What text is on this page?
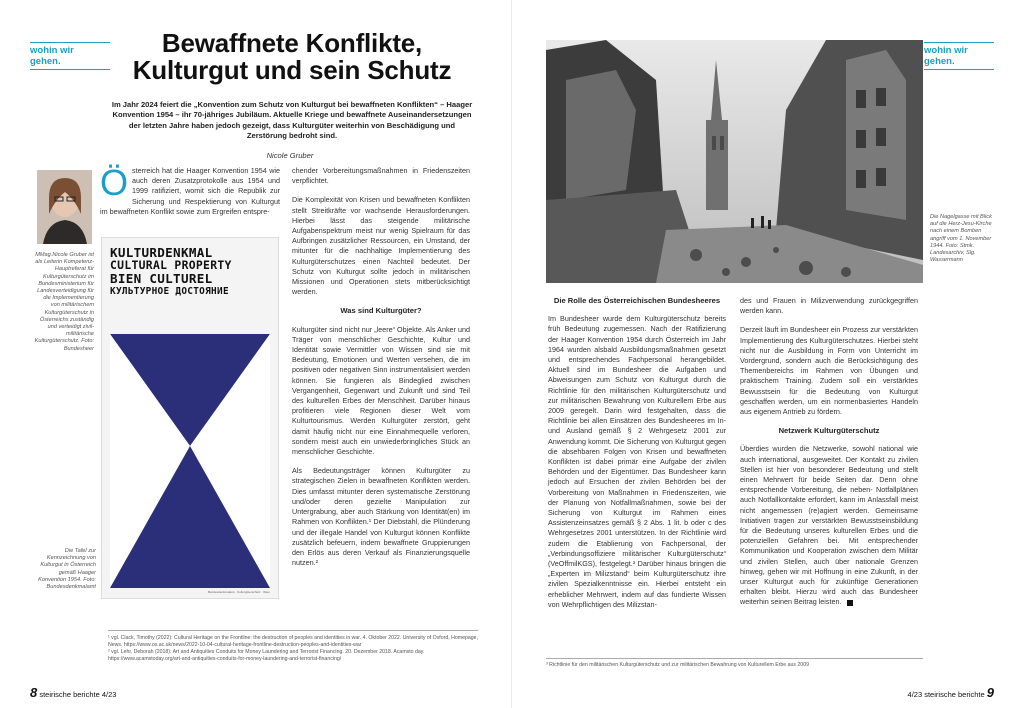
wohin wir
gehen.
Bewaffnete Konflikte,
Kulturgut und sein Schutz
Im Jahr 2024 feiert die „Konvention zum Schutz von Kulturgut bei bewaffneten Konflikten“ – Haager Konvention 1954 – ihr 70-jähriges Jubiläum. Aktuelle Kriege und bewaffnete Auseinandersetzungen der letzten Jahre haben jedoch gezeigt, dass Kulturgüter weiterhin von Beschädigung und Zerstörung bedroht sind.
Nicole Gruber
MMag.Nicole Gruber ist als Leiterin Kompetenz-Hauptreferat für Kulturgüterschutz im Bundesministerium für Landesverteidigung für die Implementierung von militärischem Kulturgüterschutz in Österreichs zuständig und verteidigt zivil-militärische Kulturgüterschutz. Foto: Bundesheer

Österreich hat die Haager Konvention 1954 wie auch deren Zusatzprotokolle aus 1954 und 1999 ratifiziert, womit sich die Republik zur Sicherung und Respektierung von Kulturgut im bewaffneten Konflikt sowie zum Ergreifen entspre-

KULTURDENKMAL
CULTURAL PROPERTY
BIEN CULTUREL
КУЛЬТУРНОЕ ДОСТОЯНИЕ
Bundesdenkmalamt · Kulturgüterschutz · Wien
Die Tafel zur Kennzeichnung von Kulturgut in Österreich gemäß Haager Konvention 1954. Foto: Bundesdenkmalamt

chender Vorbereitungsmaßnahmen in Friedenszeiten verpflichtet.

Die Komplexität von Krisen und bewaffneten Konflikten stellt Streitkräfte vor wachsende Herausforderungen. Hierbei lässt das steigende militärische Aufgabenspektrum meist nur wenig Spielraum für das Aufbringen zusätzlicher Ressourcen, ein Umstand, der mitunter für die nachhaltige Implementierung des Kulturgüterschutzes einen Nachteil bedeutet. Der Schutz von Kulturgut sollte jedoch in militärischen Missionen und Operationen stets mitberücksichtigt werden.

Was sind Kulturgüter?

Kulturgüter sind nicht nur „leere“ Objekte. Als Anker und Träger von menschlicher Geschichte, Kultur und Identität sowie Vermittler von Wissen sind sie mit Bedeutung, Emotionen und Werten versehen, die im positiven oder negativen Sinn instrumentalisiert werden können. Sie fungieren als Bindeglied zwischen Vergangenheit, Gegenwart und Zukunft und sind Teil des kulturellen Erbes der Menschheit. Darüber hinaus profitieren viele Regionen dieser Welt vom Kulturtourismus. Werden Kulturgüter zerstört, geht damit häufig nicht nur eine Einnahmequelle verloren, sondern meist auch ein unwiederbringliches Stück an menschlicher Geschichte.

Als Bedeutungsträger können Kulturgüter zu strategischen Zielen in bewaffneten Konflikten werden. Dies umfasst mitunter deren systematische Zerstörung und/oder deren gezielte Manipulation zur Untergrabung, aber auch Stärkung von Identität(en) im Rahmen von Konflikten.¹ Der Diebstahl, die Plünderung und der illegale Handel von Kulturgut können Konflikte zusätzlich befeuern, indem bewaffnete Gruppierungen den Erlös aus deren Verkauf als Finanzierungsquelle nutzen.²

¹ vgl. Clack, Timothy (2022): Cultural Heritage on the Frontline: the destruction of peoples and identities in war. 4. Oktober 2022. University of Oxford, Homepage, News. https://www.ox.ac.uk/news/2022-10-04-cultural-heritage-frontline-destruction-peoples-and-identities-war
² vgl. Lehr, Deborah (2018): Art and Antiquities Conduits for Money Laundering and Terrorist Financing. 20. Dezember 2018. Acamsto day. https://www.acamstoday.org/art-and-antiquities-conduits-for-money-laundering-and-terrorist-financing/
8 steirische berichte 4/23
wohin wir
gehen.
Die Nagelgasse mit Blick auf die Herz-Jesu-Kirche nach einem Bomben angriff vom 1. November 1944. Foto: Stmk. Landesarchiv, Slg. Wassermann
Die Rolle des Österreichischen Bundesheeres

Im Bundesheer wurde dem Kulturgüterschutz bereits früh Bedeutung zugemessen. Nach der Ratifizierung der Haager Konvention 1954 durch Österreich im Jahr 1964 wurden alsbald Ausbildungsmaßnahmen gesetzt und entsprechendes Fachpersonal herangebildet. Aktuell sind im Bundesheer die Aufgaben und Abweisungen zum Schutz von Kulturgut durch die Richtlinie für den militärischen Kulturgüterschutz und zur militärischen Bewahrung von Kulturellem Erbe aus 2009 geregelt. Darin wird festgehalten, dass die Richtlinie bei allen Einsätzen des Bundesheeres im In- und Ausland gemäß § 2 Wehrgesetz 2001 zur Anwendung kommt. Die Sicherung von Kulturgut gegen die absehbaren Folgen von Krisen und bewaffneten Konflikten ist dabei primär eine Aufgabe der zivilen Behörden und der Eigentümer. Das Bundesheer kann jedoch auf Ersuchen der zivilen Behörden bei der Vorbereitung von Maßnahmen in Friedenszeiten, wie der Planung von Notfallmaßnahmen, sowie bei der Sicherung von Kulturgut im Rahmen eines Assistenzeinsatzes gemäß § 2 Abs. 1 lit. b oder c des Wehrgesetzes 2001 unterstützen. In der Richtlinie wird zudem die Etablierung von Fachpersonal, der „Verbindungsoffiziere militärischer Kulturgüterschutz“ (VeOffmilKGS), festgelegt.³ Darüber hinaus bringen die „Experten im Milizstand“ beim Kulturgüterschutz ihre zivilen Spezialkenntnisse ein. Hierbei entsteht ein erheblicher Mehrwert, indem auf das fundierte Wissen von Wehrpflichtigen des Milizstan-

des und Frauen in Milizverwendung zurückgegriffen werden kann.

Derzeit läuft im Bundesheer ein Prozess zur verstärkten Implementierung des Kulturgüterschutzes. Hierbei steht nicht nur die Ausbildung in Form von Unterricht im Vordergrund, sondern auch die Berücksichtigung des Themenbereichs im Rahmen von Übungen und praktischem Training. Zudem soll ein verstärktes Bewusstsein für die Bedeutung von Kulturgut geschaffen werden, um ein normenbasiertes Handeln aus eigenem Antrieb zu fördern.

Netzwerk Kulturgüterschutz

Überdies wurden die Netzwerke, sowohl national wie auch international, ausgeweitet. Der Kontakt zu zivilen Stellen ist hier von besonderer Bedeutung und stellt einen Mehrwert für beide Seiten dar. Denn ohne entsprechende Vorbereitung, die neben- Notfallplänen auch Notfallkontakte erfordert, kann im Anlassfall meist nicht angemessen (re)agiert werden. Gemeinsame Initiativen tragen zur verstärkten Bewusstseinsbildung für die Bedeutung unseres kulturellen Erbes und die potenziellen Gefahren bei. Mit entsprechender Kommunikation und Kooperation zwischen dem Militär und zivilen Stellen, auch über nationale Grenzen hinweg, gehen wir mit Hoffnung in eine Zukunft, in der unser Kulturgut auch für zukünftige Generationen erhalten bleibt. Hierzu wird auch das Bundesheer weiterhin seinen Beitrag leisten.

4/23 steirische berichte 9
³ Richtlinie für den militärischen Kulturgüterschutz und zur militärischen Bewahrung von Kulturellem Erbe aus 2009
